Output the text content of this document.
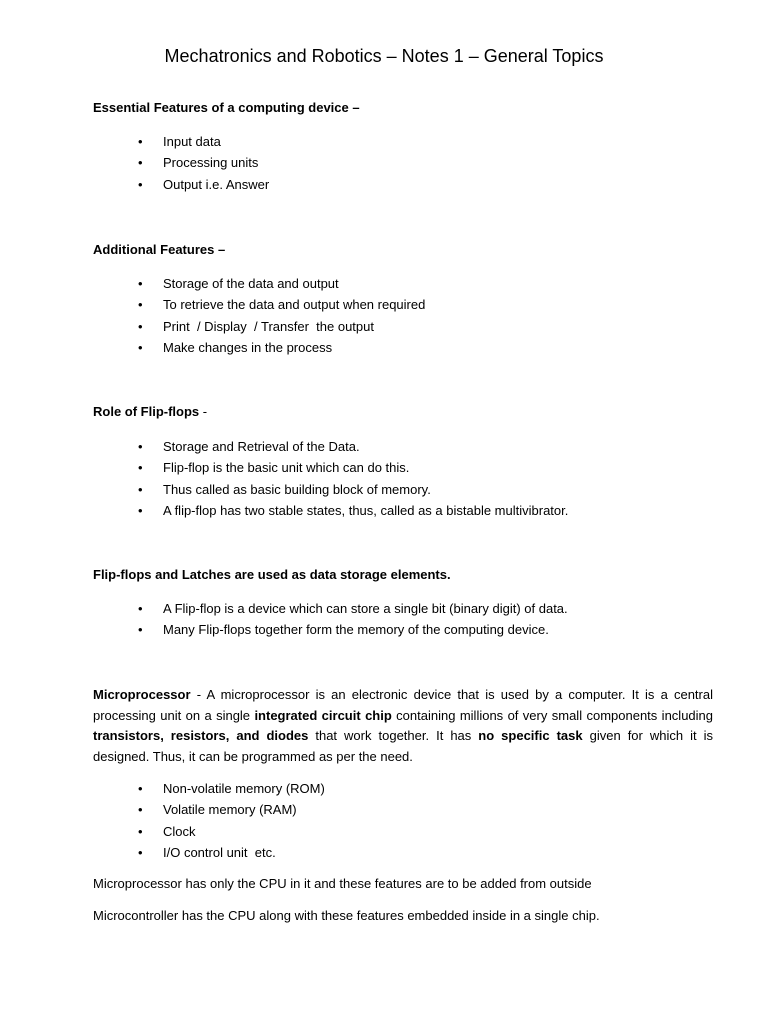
Mechatronics and Robotics – Notes 1 – General Topics
Essential Features of a computing device –
• Input data
• Processing units
• Output i.e. Answer
Additional Features –
• Storage of the data and output
• To retrieve the data and output when required
• Print  / Display  / Transfer  the output
• Make changes in the process
Role of Flip-flops -
• Storage and Retrieval of the Data.
• Flip-flop is the basic unit which can do this.
• Thus called as basic building block of memory.
• A flip-flop has two stable states, thus, called as a bistable multivibrator.
Flip-flops and Latches are used as data storage elements.
• A Flip-flop is a device which can store a single bit (binary digit) of data.
• Many Flip-flops together form the memory of the computing device.
Microprocessor - A microprocessor is an electronic device that is used by a computer. It is a central processing unit on a single integrated circuit chip containing millions of very small components including transistors, resistors, and diodes that work together. It has no specific task given for which it is designed. Thus, it can be programmed as per the need.
• Non-volatile memory (ROM)
• Volatile memory (RAM)
• Clock
• I/O control unit  etc.
Microprocessor has only the CPU in it and these features are to be added from outside
Microcontroller has the CPU along with these features embedded inside in a single chip.
